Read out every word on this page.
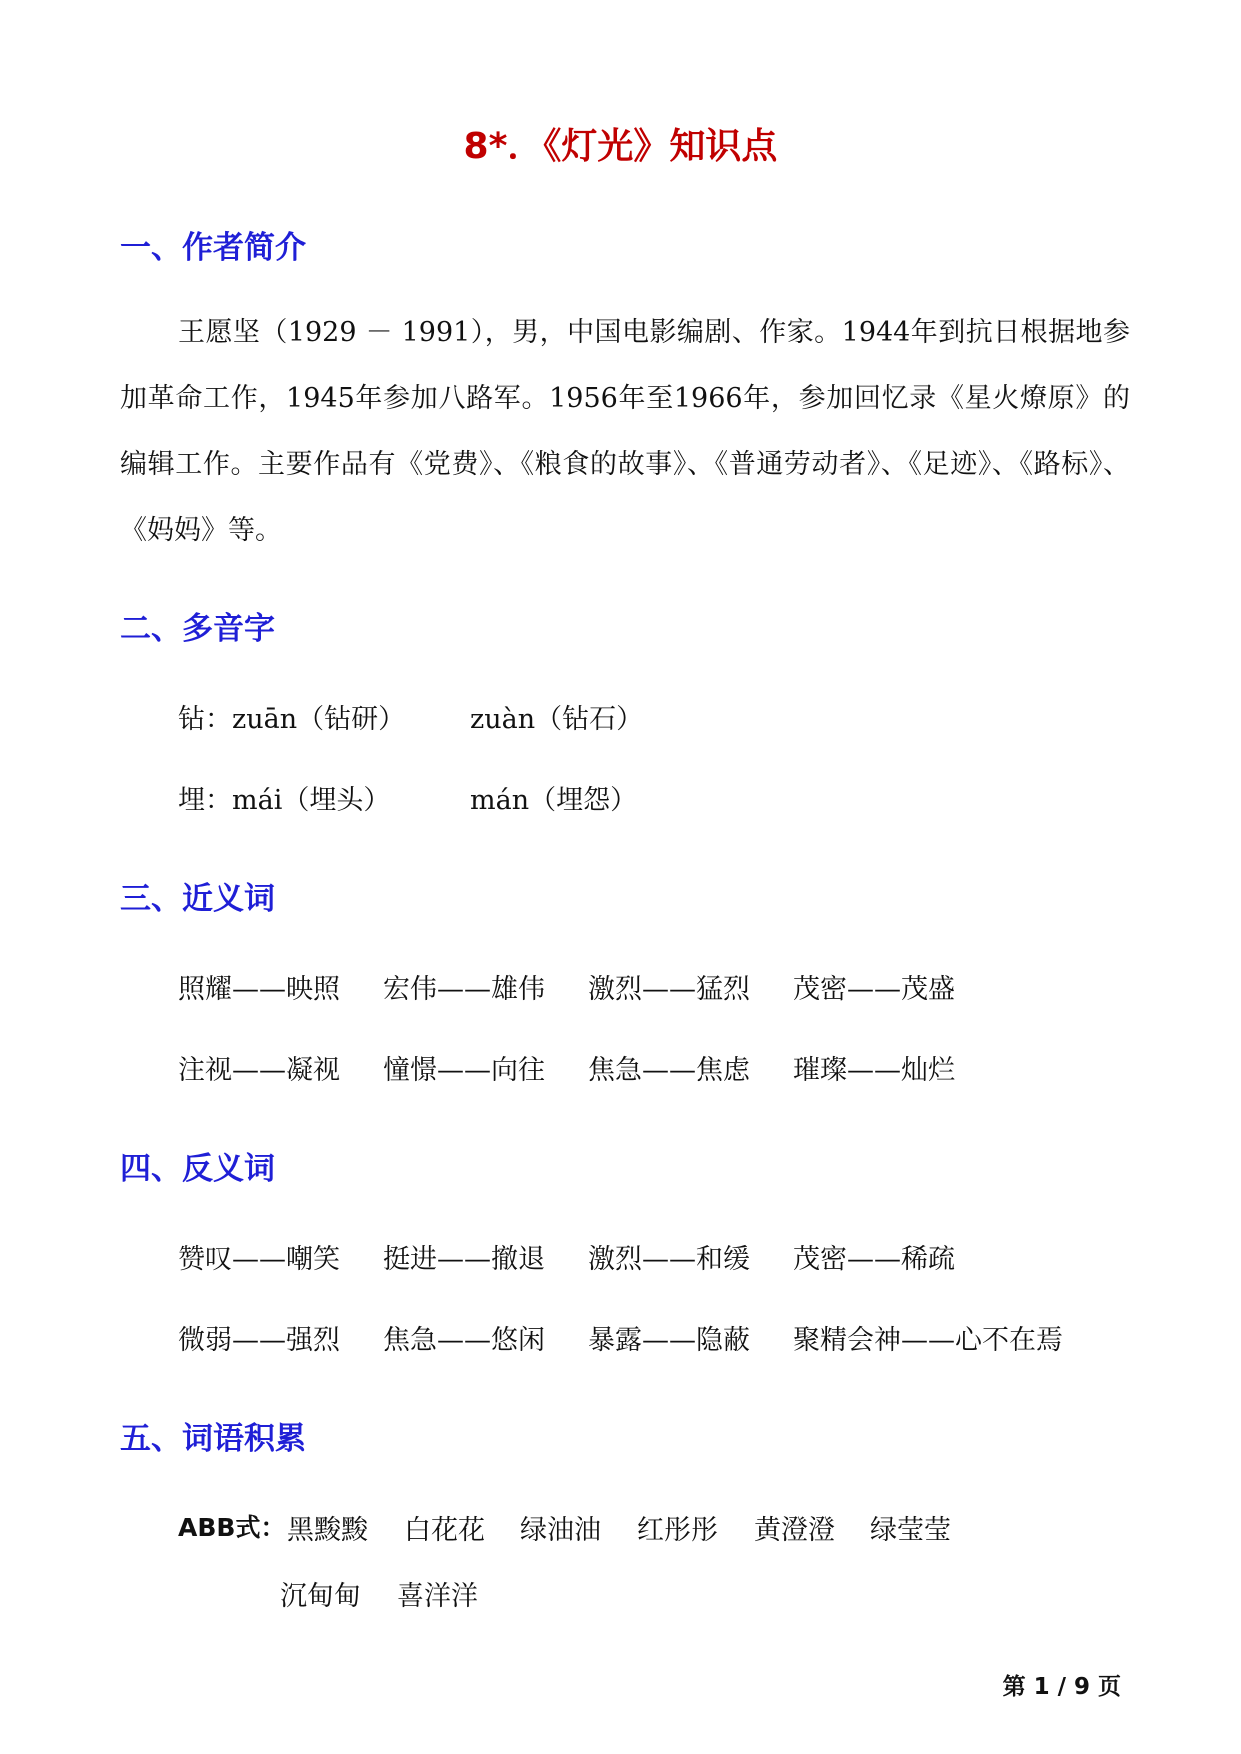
8*．《灯光》知识点
一、作者简介

王愿坚（1929 － 1991），男，中国电影编剧、作家。1944年到抗日根据地参加革命工作，1945年参加八路军。1956年至1966年，参加回忆录《星火燎原》的编辑工作。主要作品有《党费》、《粮食的故事》、《普通劳动者》、《足迹》、《路标》、《妈妈》等。

二、多音字
钻： zuān（钻研） zuàn（钻石）
埋： mái（埋头）	mán（埋怨）
三、近义词
照耀——映照 宏伟——雄伟 激烈——猛烈 茂密——茂盛
注视——凝视 憧憬——向往 焦急——焦虑 璀璨——灿烂
四、反义词
赞叹——嘲笑 挺进——撤退 激烈——和缓 茂密——稀疏
微弱——强烈 焦急——悠闲 暴露——隐蔽 聚精会神——心不在焉
五、词语积累
ABB式： 黑黢黢 白花花 绿油油 红彤彤 黄澄澄 绿莹莹
沉甸甸 喜洋洋
第 1 / 9 页
